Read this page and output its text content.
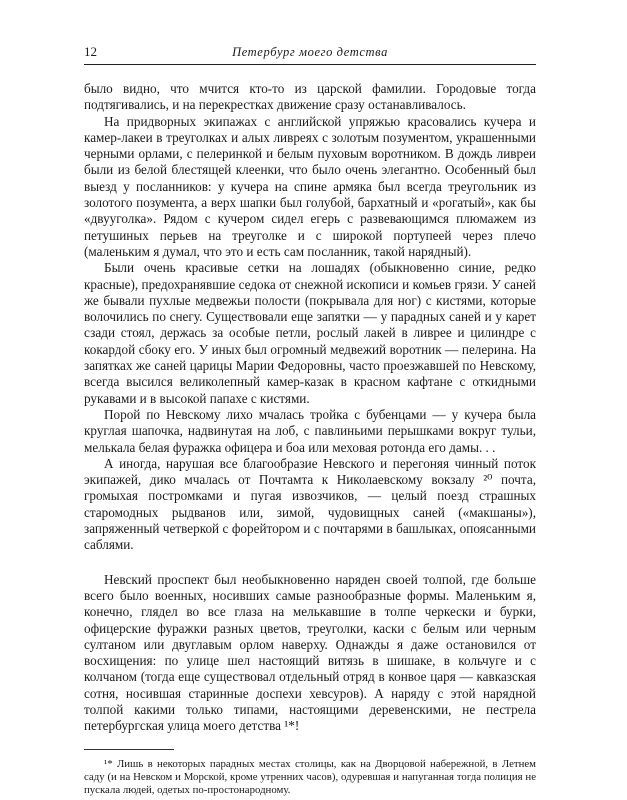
12	Петербург моего детства

было видно, что мчится кто-то из царской фамилии. Городовые тогда подтягивались, и на перекрестках движение сразу останавливалось.

На придворных экипажах с английской упряжью красовались кучера и камер-лакеи в треуголках и алых ливреях с золотым позументом, украшенными черными орлами, с пелеринкой и белым пуховым воротником. В дождь ливреи были из белой блестящей клеенки, что было очень элегантно. Особенный был выезд у посланников: у кучера на спине армяка был всегда треугольник из золотого позумента, а верх шапки был голубой, бархатный и «рогатый», как бы «двууголка». Рядом с кучером сидел егерь с развевающимся плюмажем из петушиных перьев на треуголке и с широкой портупеей через плечо (маленьким я думал, что это и есть сам посланник, такой нарядный).

Были очень красивые сетки на лошадях (обыкновенно синие, редко красные), предохранявшие седока от снежной искописи и комьев грязи. У саней же бывали пухлые медвежьи полости (покрывала для ног) с кистями, которые волочились по снегу. Существовали еще запятки — у парадных саней и у карет сзади стоял, держась за особые петли, рослый лакей в ливрее и цилиндре с кокардой сбоку его. У иных был огромный медвежий воротник — пелерина. На запятках же саней царицы Марии Федоровны, часто проезжавшей по Невскому, всегда высился великолепный камер-казак в красном кафтане с откидными рукавами и в высокой папахе с кистями.

Порой по Невскому лихо мчалась тройка с бубенцами — у кучера была круглая шапочка, надвинутая на лоб, с павлиньими перышками вокруг тульи, мелькала белая фуражка офицера и боа или меховая ротонда его дамы. . .

А иногда, нарушая все благообразие Невского и перегоняя чинный поток экипажей, дико мчалась от Почтамта к Николаевскому вокзалу ²⁰ почта, громыхая постромками и пугая извозчиков, — целый поезд страшных старомодных рыдванов или, зимой, чудовищных саней («макшаны»), запряженный четверкой с форейтором и с почтарями в башлыках, опоясанными саблями.

Невский проспект был необыкновенно наряден своей толпой, где больше всего было военных, носивших самые разнообразные формы. Маленьким я, конечно, глядел во все глаза на мелькавшие в толпе черкески и бурки, офицерские фуражки разных цветов, треуголки, каски с белым или черным султаном или двуглавым орлом наверху. Однажды я даже остановился от восхищения: по улице шел настоящий витязь в шишаке, в кольчуге и с колчаном (тогда еще существовал отдельный отряд в конвое царя — кавказская сотня, носившая старинные доспехи хевсуров). А наряду с этой нарядной толпой какими только типами, настоящими деревенскими, не пестрела петербургская улица моего детства ¹*!

¹* Лишь в некоторых парадных местах столицы, как на Дворцовой набережной, в Летнем саду (и на Невском и Морской, кроме утренних часов), одуревшая и напуганная тогда полиция не пускала людей, одетых по-простонародному.
